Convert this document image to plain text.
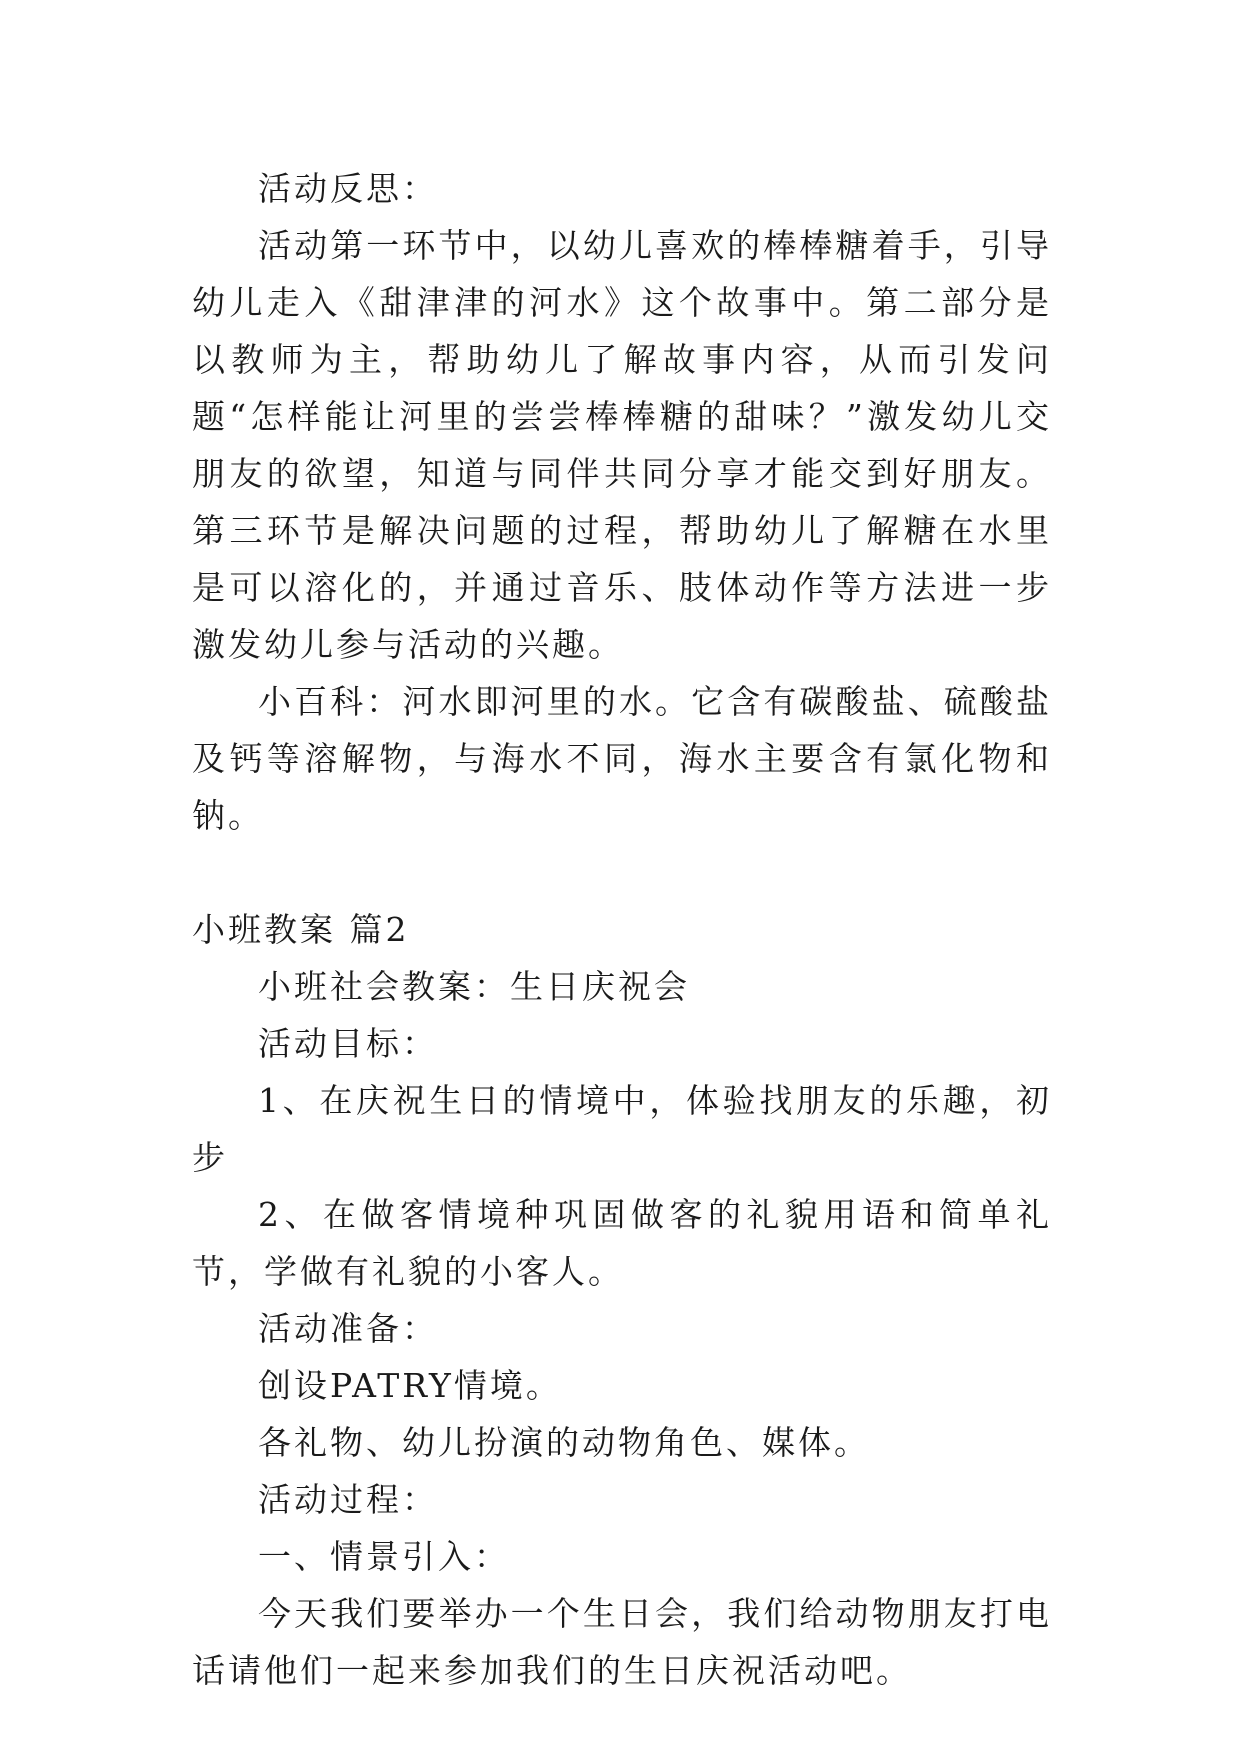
活动反思：

活动第一环节中，以幼儿喜欢的棒棒糖着手，引导幼儿走入《甜津津的河水》这个故事中。第二部分是以教师为主，帮助幼儿了解故事内容，从而引发问题“怎样能让河里的尝尝棒棒糖的甜味？”激发幼儿交朋友的欲望，知道与同伴共同分享才能交到好朋友。第三环节是解决问题的过程，帮助幼儿了解糖在水里是可以溶化的，并通过音乐、肢体动作等方法进一步激发幼儿参与活动的兴趣。

小百科：河水即河里的水。它含有碳酸盐、硫酸盐及钙等溶解物，与海水不同，海水主要含有氯化物和钠。

小班教案 篇2

小班社会教案：生日庆祝会

活动目标：

1、在庆祝生日的情境中，体验找朋友的乐趣，初步

2、在做客情境种巩固做客的礼貌用语和简单礼节，学做有礼貌的小客人。

活动准备：

创设PATRY情境。

各礼物、幼儿扮演的动物角色、媒体。

活动过程：

一、情景引入：

今天我们要举办一个生日会，我们给动物朋友打电话请他们一起来参加我们的生日庆祝活动吧。
